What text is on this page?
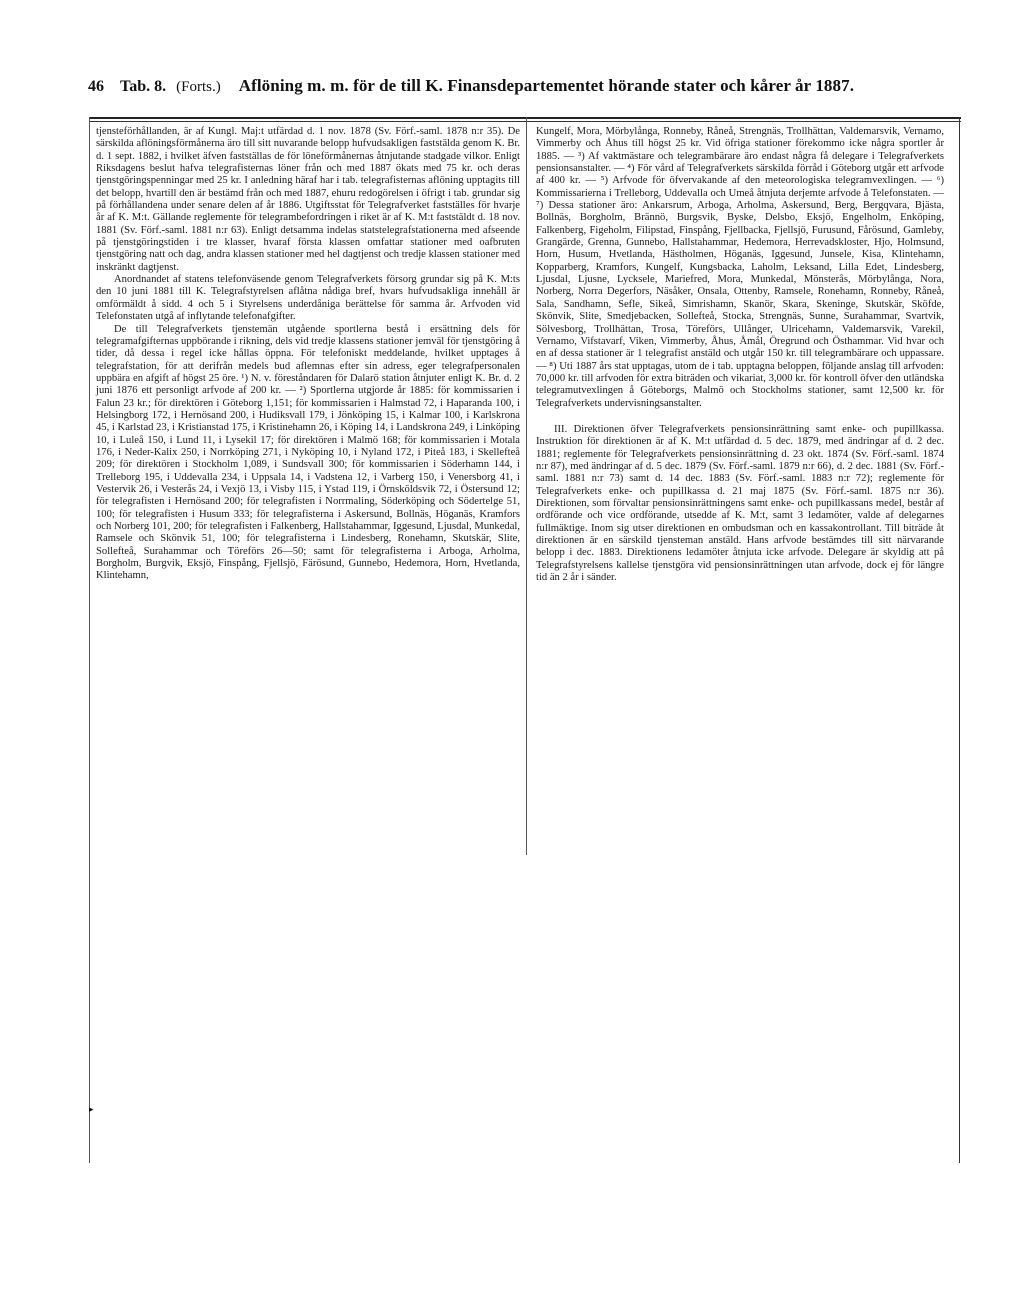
46 Tab. 8. (Forts.) Aflöning m. m. för de till K. Finansdepartementet hörande stater och kårer år 1887.

tjensteförhållanden, är af Kungl. Maj:t utfärdad d. 1 nov. 1878 (Sv. Förf.-saml. 1878 n:r 35). De särskilda aflöningsförmånerna äro till sitt nuvarande belopp hufvudsakligen faststälda genom K. Br. d. 1 sept. 1882, i hvilket äfven fastställas de för löneförmånernas åtnjutande stadgade vilkor. Enligt Riksdagens beslut hafva telegrafisternas löner från och med 1887 ökats med 75 kr. och deras tjenstgöringspenningar med 25 kr. I anledning häraf har i tab. telegrafisternas aflöning upptagits till det belopp, hvartill den är bestämd från och med 1887, ehuru redogörelsen i öfrigt i tab. grundar sig på förhållandena under senare delen af år 1886. Utgiftsstat för Telegrafverket fastställes för hvarje år af K. M:t. Gällande reglemente för telegrambefordringen i riket är af K. M:t faststäldt d. 18 nov. 1881 (Sv. Förf.-saml. 1881 n:r 63). Enligt detsamma indelas statstelegrafstationerna med afseende på tjenstgöringstiden i tre klasser, hvaraf första klassen omfattar stationer med oafbruten tjenstgöring natt och dag, andra klassen stationer med hel dagtjenst och tredje klassen stationer med inskränkt dagtjenst.

Anordnandet af statens telefonväsende genom Telegrafverkets försorg grundar sig på K. M:ts den 10 juni 1881 till K. Telegrafstyrelsen aflåtna nådiga bref, hvars hufvudsakliga innehåll är omförmäldt å sidd. 4 och 5 i Styrelsens underdåniga berättelse för samma år. Arfvoden vid Telefonstaten utgå af inflytande telefonafgifter.

De till Telegrafverkets tjenstemän utgående sportlerna bestå i ersättning dels för telegramafgifternas uppbörande i rikning, dels vid tredje klassens stationer jemväl för tjenstgöring å tider, då dessa i regel icke hållas öppna. För telefoniskt meddelande, hvilket upptages å telegrafstation, för att derifrån medels bud aflemnas efter sin adress, eger telegrafpersonalen uppbära en afgift af högst 25 öre. ¹) N. v. föreståndaren för Dalarö station åtnjuter enligt K. Br. d. 2 juni 1876 ett personligt arfvode af 200 kr. — ²) Sportlerna utgjorde år 1885: för kommissarien i Falun 23 kr.; för direktören i Göteborg 1,151; för kommissarien i Halmstad 72, i Haparanda 100, i Helsingborg 172, i Hernösand 200, i Hudiksvall 179, i Jönköping 15, i Kalmar 100, i Karlskrona 45, i Karlstad 23, i Kristianstad 175, i Kristinehamn 26, i Köping 14, i Landskrona 249, i Linköping 10, i Luleå 150, i Lund 11, i Lysekil 17; för direktören i Malmö 168; för kommissarien i Motala 176, i Neder-Kalix 250, i Norrköping 271, i Nyköping 10, i Nyland 172, i Piteå 183, i Skellefteå 209; för direktören i Stockholm 1,089, i Sundsvall 300; för kommissarien i Söderhamn 144, i Trelleborg 195, i Uddevalla 234, i Uppsala 14, i Vadstena 12, i Varberg 150, i Venersborg 41, i Vestervik 26, i Vesterås 24, i Vexjö 13, i Visby 115, i Ystad 119, i Örnsköldsvik 72, i Östersund 12; för telegrafisten i Hernösand 200; för telegrafisten i Norrmaling, Söderköping och Södertelge 51, 100; för telegrafisten i Husum 333; för telegrafisterna i Askersund, Bollnäs, Höganäs, Kramfors och Norberg 101, 200; för telegrafisten i Falkenberg, Hallstahammar, Iggesund, Ljusdal, Munkedal, Ramsele och Skönvik 51, 100; för telegrafisterna i Lindesberg, Ronehamn, Skutskär, Slite, Sollefteå, Surahammar och Töreförs 26—50; samt för telegrafisterna i Arboga, Arholma, Borgholm, Burgvik, Eksjö, Finspång, Fjellsjö, Färösund, Gunnebo, Hedemora, Horn, Hvetlanda, Klintehamn,

Kungelf, Mora, Mörbylånga, Ronneby, Råneå, Strengnäs, Trollhättan, Valdemarsvik, Vernamo, Vimmerby och Åhus till högst 25 kr. Vid öfriga stationer förekommo icke några sportler år 1885. — ³) Af vaktmästare och telegrambärare äro endast några få delegare i Telegrafverkets pensionsanstalter. — ⁴) För vård af Telegrafverkets särskilda förråd i Göteborg utgår ett arfvode af 400 kr. — ⁵) Arfvode för öfvervakande af den meteorologiska telegramvexlingen. — ⁶) Kommissarierna i Trelleborg, Uddevalla och Umeå åtnjuta derjemte arfvode å Telefonstaten. — ⁷) Dessa stationer äro: Ankarsrum, Arboga, Arholma, Askersund, Berg, Bergqvara, Bjästa, Bollnäs, Borgholm, Brännö, Burgsvik, Byske, Delsbo, Eksjö, Engelholm, Enköping, Falkenberg, Figeholm, Filipstad, Finspång, Fjellbacka, Fjellsjö, Furusund, Fårösund, Gamleby, Grangärde, Grenna, Gunnebo, Hallstahammar, Hedemora, Herrevadskloster, Hjo, Holmsund, Horn, Husum, Hvetlanda, Hästholmen, Höganäs, Iggesund, Junsele, Kisa, Klintehamn, Kopparberg, Kramfors, Kungelf, Kungsbacka, Laholm, Leksand, Lilla Edet, Lindesberg, Ljusdal, Ljusne, Lycksele, Mariefred, Mora, Munkedal, Mönsterås, Mörbylånga, Nora, Norberg, Norra Degerfors, Näsåker, Onsala, Ottenby, Ramsele, Ronehamn, Ronneby, Råneå, Sala, Sandhamn, Sefle, Sikeå, Simrishamn, Skanör, Skara, Skeninge, Skutskär, Sköfde, Skönvik, Slite, Smedjebacken, Sollefteå, Stocka, Strengnäs, Sunne, Surahammar, Svartvik, Sölvesborg, Trollhättan, Trosa, Töreförs, Ullånger, Ulricehamn, Valdemarsvik, Varekil, Vernamo, Vifstavarf, Viken, Vimmerby, Åhus, Åmål, Öregrund och Östhammar. Vid hvar och en af dessa stationer är 1 telegrafist anstäld och utgår 150 kr. till telegrambärare och uppassare. — ⁸) Uti 1887 års stat upptagas, utom de i tab. upptagna beloppen, följande anslag till arfvoden: 70,000 kr. till arfvoden för extra biträden och vikariat, 3,000 kr. för kontroll öfver den utländska telegramutvexlingen å Göteborgs, Malmö och Stockholms stationer, samt 12,500 kr. för Telegrafverkets undervisningsanstalter.

III. Direktionen öfver Telegrafverkets pensionsinrättning samt enke- och pupillkassa. Instruktion för direktionen är af K. M:t utfärdad d. 5 dec. 1879, med ändringar af d. 2 dec. 1881; reglemente för Telegrafverkets pensionsinrättning d. 23 okt. 1874 (Sv. Förf.-saml. 1874 n:r 87), med ändringar af d. 5 dec. 1879 (Sv. Förf.-saml. 1879 n:r 66), d. 2 dec. 1881 (Sv. Förf.-saml. 1881 n:r 73) samt d. 14 dec. 1883 (Sv. Förf.-saml. 1883 n:r 72); reglemente för Telegrafverkets enke- och pupillkassa d. 21 maj 1875 (Sv. Förf.-saml. 1875 n:r 36). Direktionen, som förvaltar pensionsinrättningens samt enke- och pupillkassans medel, består af ordförande och vice ordförande, utsedde af K. M:t, samt 3 ledamöter, valde af delegarnes fullmäktige. Inom sig utser direktionen en ombudsman och en kassakontrollant. Till biträde åt direktionen är en särskild tjensteman anstäld. Hans arfvode bestämdes till sitt närvarande belopp i dec. 1883. Direktionens ledamöter åtnjuta icke arfvode. Delegare är skyldig att på Telegrafstyrelsens kallelse tjenstgöra vid pensionsinrättningen utan arfvode, dock ej för längre tid än 2 år i sänder.

▸
